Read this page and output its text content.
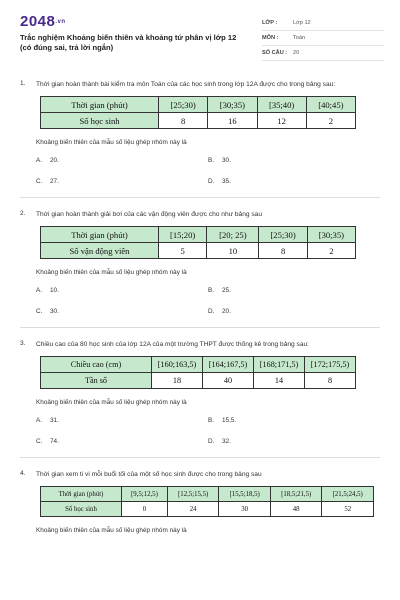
$2048^{.vn}$
Trắc nghiệm Khoảng biến thiên và khoảng tứ phân vị lớp 12 (có đúng sai, trả lời ngắn)
LỚP :	Lớp 12
MÔN :	Toán
SỐ CÂU :	20
1.	Thời gian hoàn thành bài kiểm tra môn Toán của các học sinh trong lớp 12A được cho trong bảng sau:
Thời gian (phút)	[25;30)	[30;35)	[35;40)	[40;45)
Số học sinh	8	16	12	2
Khoảng biến thiên của mẫu số liệu ghép nhóm này là
A. 20.	B. 30.
C. 27.	D. 35.
2.	Thời gian hoàn thành giải bơi của các vận động viên được cho như bảng sau
Thời gian (phút)	[15;20)	[20; 25)	[25;30)	[30;35)
Số vận động viên	5	10	8	2
Khoảng biến thiên của mẫu số liệu ghép nhóm này là
A. 10.	B. 25.
C. 30.	D. 20.
3.	Chiều cao của 80 học sinh của lớp 12A của một trường THPT được thống kê trong bảng sau:
Chiều cao (cm)	[160;163,5)	[164;167,5)	[168;171,5)	[172;175,5)
Tần số	18	40	14	8
Khoảng biến thiên của mẫu số liệu ghép nhóm này là
A. 31.	B. 15,5.
C. 74.	D. 32.
4.	Thời gian xem ti vi mỗi buổi tối của một số học sinh được cho trong bảng sau
Thời gian (phút)	[9,5;12,5)	[12,5;15,5)	[15,5;18,5)	[18,5;21,5)	[21,5;24,5)
Số học sinh	0	24	30	48	52
Khoảng biến thiên của mẫu số liệu ghép nhóm này là
